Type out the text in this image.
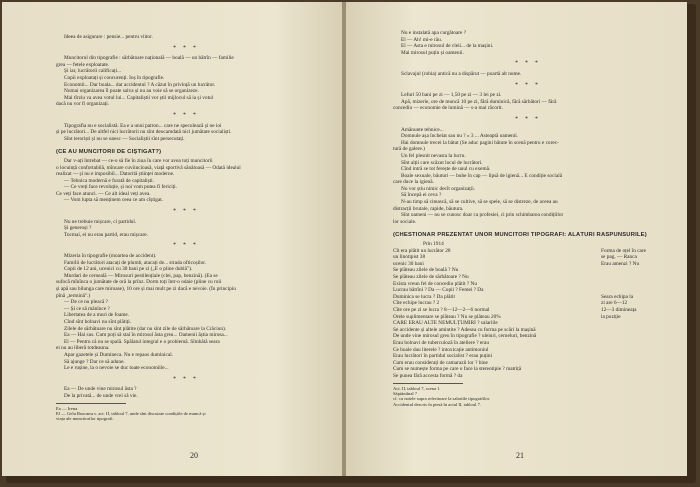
Ideea de asigurare : pensie... pentru viitor.
* * *
Muncitorul din tipografie : sărbătoare națională — boală — un bătrîn — familie
grea — fetele exploatate.
Și iar, lucrătorii calificați...
Copii exploatați și concurenți. Ioș în tipografie.
Economii... Dar boala... dar accidentul ? A căzut în privință un lucrător.
Numai organizarea îl poate salva și nu au voie să se organizeze.
Mai tîrziu va avea votul lui... Capitaliștii vor știi mijlocul să ia și votul
dacă nu vor fi organizați.
* * *
Tipografia nu e socialistă. Ea e a unui patron... care ne speculează și ne ioi
și pe lucrători... De altfel nici lucrătorii nu sînt deocamdată nici jumătate socialiști.
Sînt teroriști și nu se unesc — Socialiștii sînt persecutați.
(CE AU MUNCITORII DE CÎȘTIGAT?)
Dar v-ați întrebat — ce-o să fie în ziua în care vor avea toți muncitorii
o locuință confortabilă, mîncare cuviincioasă, viață sportivă sănătoasă — Odată idealul
realizat — și nu e imposibil... Datorită științei moderne.
— Tehnica modernă e furată de capitaliști.
— Ce vreți face revoluție, și noi vom putea fi fericiți.
Ce veți face atunci. — Ce alt ideal veți avea.
— Vom lupta să menținem ceea ce am cîștigat.
* * *
Nu ne trebuie mișcare, ci partidul.
Și generoși ?
Tocmai, ei nu erau partid, erau mișcare.
* * *
Mizeria în tipografie (moartea de accident).
Familii de lucrători atacați de plumb, atacați de... strada ofticoșilor.
Copii de 12 ani, ucenici cu 30 bani pe zi („E o pline dublă").
Murdari de cerneală — Mirosuri pestilențiale (clei, pap, benzină). (Ea se
sufocă mînînca o jumătate de oră la prînz. Dorm toți într-o odaie (pline cu roii
și apă sau bilunga care miroase), 10 ore și mai mult pe zi dacă e nevoie. (În principiu
pînă „termină".)
— De ce nu pleacă ?
— Și ce să mănînce ?
Libertatea de a muri de foame.
Cînd sînt bolnavi nu sînt plătiți.
Zilele de sărbătoare nu sînt plătite (dar nu sînt zile de sărbătoare la Crăciun).
Ea — Hai sus. Cum poți să stai în mirosul ăsta greu... Oamenii ăștia mirosa...
El — Pentru că nu se spală. Spălatul integral e o problemă. Sîmbătă seara
ei nu au liberă totdeauna.
Apar gazetele și Dumineca. Nu e repaos duminical.
Să ajunge ? Dar ce să adune.
Le e rușine, la o nevoie se duc toate economiile...
* * *
Ea — De unde vine mirosul ăsta ?
De la privată... de unde vrei să vie.
Ea — Irena.
El — Gelu Ruscanu v. act. II, tabloul 7, unde sînt discutate condițiile de muncă și
viața ale muncitorilor tipografi.
20
Nu e instalată apa curgătoare ?
El — Ah! mi-e rău.
El — Asta e mirosul de cleii... de la mașini.
Mai mirosul puțin și oamenii.
* * *
Sclavajul (robia) antică nu a dispărut — poartă alt nume.
* * *
Lefuri 50 bani pe zi — 1,50 pe zi — 3 lei pe zi.
Apă, mizerie, ore de muncă 10 pe zi, fără duminică, fără sărbători — fără
concediu — economie de lumină — s-a mai răcorit.
* * *
Amănunte tehnice...
Domnule așa încheiat sau nu ? « 3 ... Asteaptă oamenii.
Hai domnule trecei la bătut (Se aduc pagini bătute în scenă pentru e corec-
tură de galere.)
Un fel plesnit nevasta la lucru.
Sînt alții care scăzut locul de lucrători.
Cînd intră se tot ferește de unul cu exemă.
Boale sexuale, băuturi — bube în cap — lipsă de igienă... E condiție socială
care duce la igienă.
Nu vor știu nimic decît organizații.
Să începă ei ceva ?
N-au timp să citească, să se cultive, să se spele, să se distreze, de aceea au
distracții brutale, rapide, băutura.
Sînt oameni — nu se cunosc doar ca profesiei, ci prin schimbarea condițiilor
lor sociale.
(CHESTIONAR PREZENTAT UNOR MUNCITORI TIPOGRAFI: ALĂTURI RĂSPUNSURILE)
Prin 1914
Cît era plătit un lucrător 28	Forma de oțel în care
un linotipist 38	se pag. — Ranca
ucenic 30 bani	Erau amenzi ? Nu
Se plăteau zilele de boală ? Nu
Se plăteau zilele de sărbătoare ? Nu
Exista vreun fel de concediu plătit ? Nu
Lucrau bătrîni ? Da — Copii ? Femei ? Da
Duminica se lucra ? Da plătit	Seara echipa la
Cîte echipe lucrau ? 2	zi are 6—12
Cîte ore pe zi se lucra ? 8—12—2—6 normal	12—3 dimineața
Orele suplimentare se plăteau ? Nu se plăteau 20%	la poziție
CARE ERAU ALTE NEMULȚUMIRI ? salariile
Se accidente și altele amintite ? Adesea cu forma pe scări la mașină
De unde vine mirosul greu în tipografie ? uleiuri, cerneluri, benzină
Erau bolnavi de tuberculoză în ateliere ? erau
Ce boale dau literele ? intoxicație antimoniul
Erau lucrători în partidul socialist ? erau puțini
Cum erau considerați de camarazii lor ? bine
Cum se numește forma pe care o face la stereotipie ? matriță
Se punea fără accesta formă ? da
Act. II, tabloul 7, scena 1.
Săptămînal ?
cf. cu notele supra referitoare la salariile tipografilor.
Accidentul descris în piesă în actul II, tabloul 7.
21
